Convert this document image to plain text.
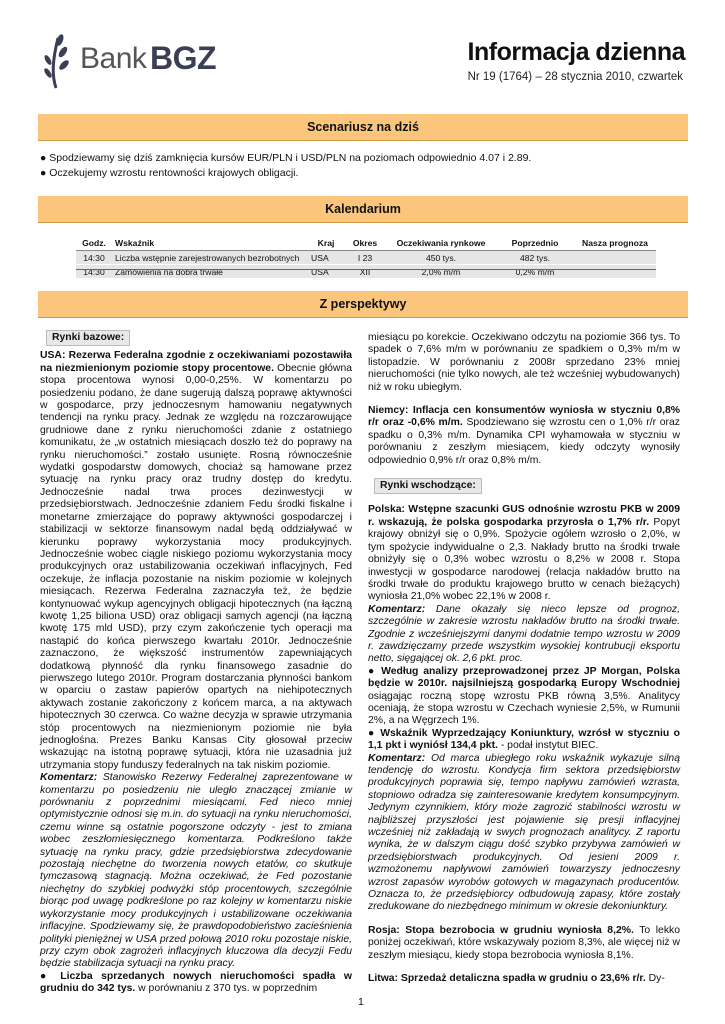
Bank BGZ	Informacja dzienna
Nr 19 (1764) – 28 stycznia 2010, czwartek
Scenariusz na dziś
● Spodziewamy się dziś zamknięcia kursów EUR/PLN i USD/PLN na poziomach odpowiednio 4.07 i 2.89.
● Oczekujemy wzrostu rentowności krajowych obligacji.
Kalendarium
Godz.	Wskaźnik	Kraj	Okres	Oczekiwania rynkowe	Poprzednio	Nasza prognoza
14:30	Liczba wstępnie zarejestrowanych bezrobotnych	USA	I 23	450 tys.	482 tys.	
14:30	Zamówienia na dobra trwałe	USA	XII	2,0% m/m	0,2% m/m	
Z perspektywy
Rynki bazowe:

USA: Rezerwa Federalna zgodnie z oczekiwaniami pozostawiła na niezmienionym poziomie stopy procentowe. Obecnie główna stopa procentowa wynosi 0,00-0,25%. W komentarzu po posiedzeniu podano, że dane sugerują dalszą poprawę aktywności w gospodarce, przy jednoczesnym hamowaniu negatywnych tendencji na rynku pracy. Jednak ze względu na rozczarowujące grudniowe dane z rynku nieruchomości zdanie z ostatniego komunikatu, że „w ostatnich miesiącach doszło też do poprawy na rynku nieruchomości.” zostało usunięte. Rosną równocześnie wydatki gospodarstw domowych, chociaż są hamowane przez sytuację na rynku pracy oraz trudny dostęp do kredytu. Jednocześnie nadal trwa proces dezinwestycji w przedsiębiorstwach. Jednocześnie zdaniem Fedu środki fiskalne i monetarne zmierzające do poprawy aktywności gospodarczej i stabilizacji w sektorze finansowym nadal będą oddziaływać w kierunku poprawy wykorzystania mocy produkcyjnych. Jednocześnie wobec ciągle niskiego poziomu wykorzystania mocy produkcyjnych oraz ustabilizowania oczekiwań inflacyjnych, Fed oczekuje, że inflacja pozostanie na niskim poziomie w kolejnych miesiącach. Rezerwa Federalna zaznaczyła też, że będzie kontynuować wykup agencyjnych obligacji hipotecznych (na łączną kwotę 1,25 biliona USD) oraz obligacji samych agencji (na łączną kwotę 175 mld USD), przy czym zakończenie tych operacji ma nastąpić do końca pierwszego kwartału 2010r. Jednocześnie zaznaczono, że większość instrumentów zapewniających dodatkową płynność dla rynku finansowego zasadnie do pierwszego lutego 2010r. Program dostarczania płynności bankom w oparciu o zastaw papierów opartych na niehipotecznych aktywach zostanie zakończony z końcem marca, a na aktywach hipotecznych 30 czerwca. Co ważne decyzja w sprawie utrzymania stóp procentowych na niezmienionym poziomie nie była jednogłośna. Prezes Banku Kansas City głosował przeciw wskazując na istotną poprawę sytuacji, która nie uzasadnia już utrzymania stopy funduszy federalnych na tak niskim poziomie.
Komentarz: Stanowisko Rezerwy Federalnej zaprezentowane w komentarzu po posiedzeniu nie uległo znaczącej zmianie w porównaniu z poprzednimi miesiącami. Fed nieco mniej optymistycznie odnosi się m.in. do sytuacji na rynku nieruchomości, czemu winne są ostatnie pogorszone odczyty - jest to zmiana wobec zeszłomiesięcznego komentarza. Podkreślono także sytuację na rynku pracy, gdzie przedsiębiorstwa zdecydowanie pozostają niechętne do tworzenia nowych etatów, co skutkuje tymczasową stagnacją. Można oczekiwać, że Fed pozostanie niechętny do szybkiej podwyżki stóp procentowych, szczególnie biorąc pod uwagę podkreślone po raz kolejny w komentarzu niskie wykorzystanie mocy produkcyjnych i ustabilizowane oczekiwania inflacyjne. Spodziewamy się, że prawdopodobieństwo zacieśnienia polityki pieniężnej w USA przed połową 2010 roku pozostaje niskie, przy czym obok zagrożeń inflacyjnych kluczowa dla decyzji Fedu będzie stabilizacja sytuacji na rynku pracy.
● Liczba sprzedanych nowych nieruchomości spadła w grudniu do 342 tys. w porównaniu z 370 tys. w poprzednim

miesiącu po korekcie. Oczekiwano odczytu na poziomie 366 tys. To spadek o 7,6% m/m w porównaniu ze spadkiem o 0,3% m/m w listopadzie. W porównaniu z 2008r sprzedano 23% mniej nieruchomości (nie tylko nowych, ale też wcześniej wybudowanych) niż w roku ubiegłym.

Niemcy: Inflacja cen konsumentów wyniosła w styczniu 0,8% r/r oraz -0,6% m/m. Spodziewano się wzrostu cen o 1,0% r/r oraz spadku o 0,3% m/m. Dynamika CPI wyhamowała w styczniu w porównaniu z zeszłym miesiącem, kiedy odczyty wynosiły odpowiednio 0,9% r/r oraz 0,8% m/m.

Rynki wschodzące:

Polska: Wstępne szacunki GUS odnośnie wzrostu PKB w 2009 r. wskazują, że polska gospodarka przyrosła o 1,7% r/r. Popyt krajowy obniżył się o 0,9%. Spożycie ogółem wzrosło o 2,0%, w tym spożycie indywidualne o 2,3. Nakłady brutto na środki trwałe obniżyły się o 0,3% wobec wzrostu o 8,2% w 2008 r. Stopa inwestycji w gospodarce narodowej (relacja nakładów brutto na środki trwałe do produktu krajowego brutto w cenach bieżących) wyniosła 21,0% wobec 22,1% w 2008 r.
Komentarz: Dane okazały się nieco lepsze od prognoz, szczególnie w zakresie wzrostu nakładów brutto na środki trwałe. Zgodnie z wcześniejszymi danymi dodatnie tempo wzrostu w 2009 r. zawdzięczamy przede wszystkim wysokiej kontrubucji eksportu netto, sięgającej ok. 2,6 pkt. proc.
● Według analizy przeprowadzonej przez JP Morgan, Polska będzie w 2010r. najsilniejszą gospodarką Europy Wschodniej osiągając roczną stopę wzrostu PKB równą 3,5%. Analitycy oceniają, że stopa wzrostu w Czechach wyniesie 2,5%, w Rumunii 2%, a na Węgrzech 1%.
● Wskaźnik Wyprzedzający Koniunktury, wzrósł w styczniu o 1,1 pkt i wyniósł 134,4 pkt. - podał instytut BIEC.
Komentarz: Od marca ubiegłego roku wskaźnik wykazuje silną tendencję do wzrostu. Kondycja firm sektora przedsiębiorstw produkcyjnych poprawia się, tempo napływu zamówień wzrasta, stopniowo odradza się zainteresowanie kredytem konsumpcyjnym. Jedynym czynnikiem, który może zagrozić stabilności wzrostu w najbliższej przyszłości jest pojawienie się presji inflacyjnej wcześniej niż zakładają w swych prognozach analitycy. Z raportu wynika, że w dalszym ciągu dość szybko przybywa zamówień w przedsiębiorstwach produkcyjnych. Od jesieni 2009 r. wzmożonemu napływowi zamówień towarzyszy jednoczesny wzrost zapasów wyrobów gotowych w magazynach producentów. Oznacza to, że przedsiębiorcy odbudowują zapasy, które zostały zredukowane do niezbędnego minimum w okresie dekoniunktury.

Rosja: Stopa bezrobocia w grudniu wyniosła 8,2%. To lekko poniżej oczekiwań, które wskazywały poziom 8,3%, ale więcej niż w zeszłym miesiącu, kiedy stopa bezrobocia wyniosła 8,1%.

Litwa: Sprzedaż detaliczna spadła w grudniu o 23,6% r/r. Dy-

1
